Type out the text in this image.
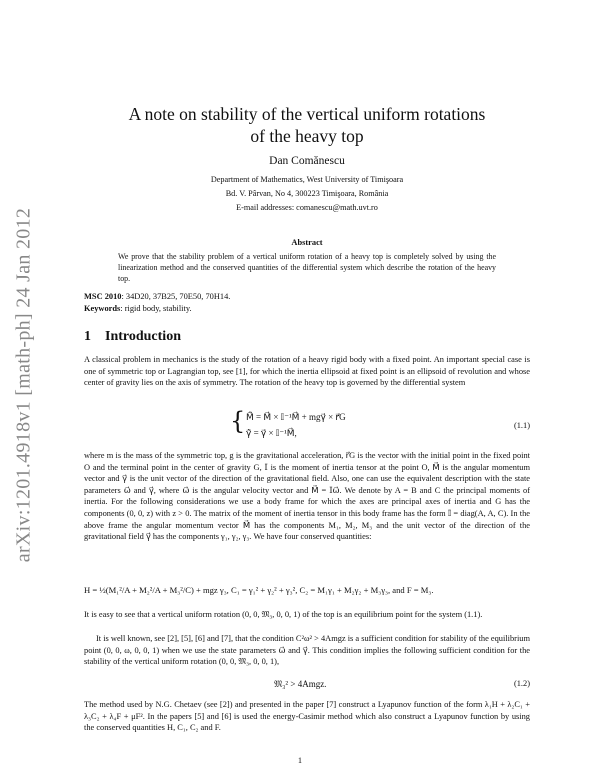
arXiv:1201.4918v1 [math-ph] 24 Jan 2012
A note on stability of the vertical uniform rotations
of the heavy top
Dan Comănescu
Department of Mathematics, West University of Timişoara
Bd. V. Pârvan, No 4, 300223 Timişoara, România
E-mail addresses: comanescu@math.uvt.ro
Abstract
We prove that the stability problem of a vertical uniform rotation of a heavy top is completely solved by using the linearization method and the conserved quantities of the differential system which describe the rotation of the heavy top.
MSC 2010: 34D20, 37B25, 70E50, 70H14.
Keywords: rigid body, stability.
1 Introduction
A classical problem in mechanics is the study of the rotation of a heavy rigid body with a fixed point. An important special case is one of symmetric top or Lagrangian top, see [1], for which the inertia ellipsoid at fixed point is an ellipsoid of revolution and whose center of gravity lies on the axis of symmetry. The rotation of the heavy top is governed by the differential system
{ M⃗̇ = M⃗ × 𝕀⁻¹M⃗ + mgγ⃗ × r⃗G
γ⃗̇ = γ⃗ × 𝕀⁻¹M⃗,
(1.1)
where m is the mass of the symmetric top, g is the gravitational acceleration, r⃗G is the vector with the initial point in the fixed point O and the terminal point in the center of gravity G, 𝕀 is the moment of inertia tensor at the point O, M⃗ is the angular momentum vector and γ⃗ is the unit vector of the direction of the gravitational field. Also, one can use the equivalent description with the state parameters ω⃗ and γ⃗, where ω⃗ is the angular velocity vector and M⃗ = 𝕀ω⃗. We denote by A = B and C the principal moments of inertia. For the following considerations we use a body frame for which the axes are principal axes of inertia and G has the components (0, 0, z) with z > 0. The matrix of the moment of inertia tensor in this body frame has the form 𝕀 = diag(A, A, C). In the above frame the angular momentum vector M⃗ has the components M₁, M₂, M₃ and the unit vector of the direction of the gravitational field γ⃗ has the components γ₁, γ₂, γ₃. We have four conserved quantities:
H = ½(M₁²/A + M₂²/A + M₃²/C) + mgz γ₃, C₁ = γ₁² + γ₂² + γ₃², C₂ = M₁γ₁ + M₂γ₂ + M₃γ₃, and F = M₃.
It is easy to see that a vertical uniform rotation (0, 0, 𝔐₃, 0, 0, 1) of the top is an equilibrium point for the system (1.1).
It is well known, see [2], [5], [6] and [7], that the condition C²ω² > 4Amgz is a sufficient condition for stability of the equilibrium point (0, 0, ω, 0, 0, 1) when we use the state parameters ω⃗ and γ⃗. This condition implies the following sufficient condition for the stability of the vertical uniform rotation (0, 0, 𝔐₃, 0, 0, 1),
𝔐₃² > 4Amgz.	(1.2)
The method used by N.G. Chetaev (see [2]) and presented in the paper [7] construct a Lyapunov function of the form λ₁H + λ₂C₁ + λ₃C₂ + λ₄F + μF². In the papers [5] and [6] is used the energy-Casimir method which also construct a Lyapunov function by using the conserved quantities H, C₁, C₂ and F.
1
